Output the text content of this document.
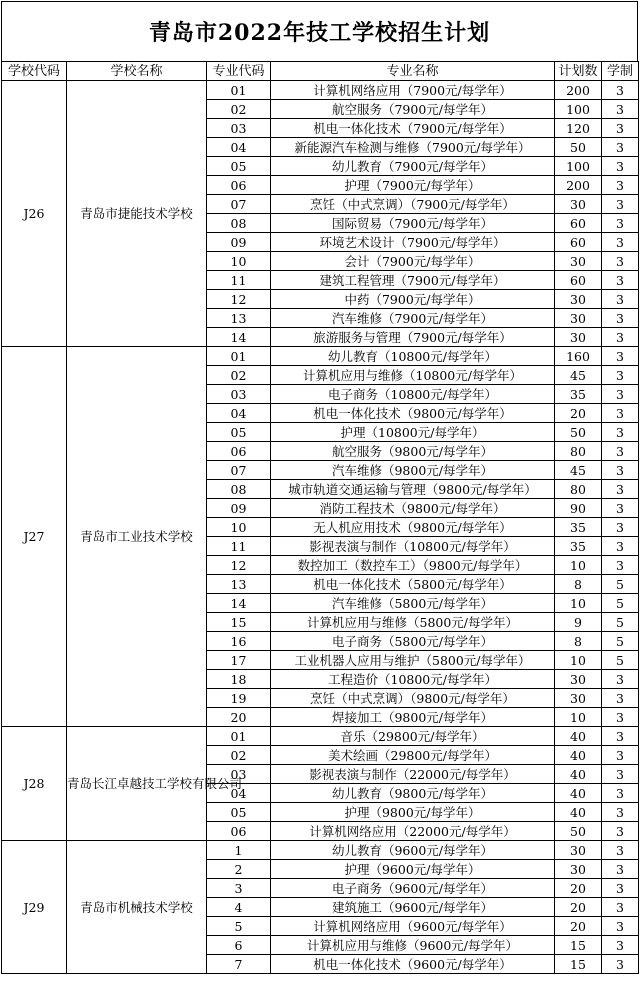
青岛市2022年技工学校招生计划
学校代码	学校名称	专业代码	专业名称	计划数	学制
J26	青岛市捷能技术学校	01	计算机网络应用（7900元/每学年）	200	3
		02	航空服务（7900元/每学年）	100	3
		03	机电一体化技术（7900元/每学年）	120	3
		04	新能源汽车检测与维修（7900元/每学年）	50	3
		05	幼儿教育（7900元/每学年）	100	3
		06	护理（7900元/每学年）	200	3
		07	烹饪（中式烹调）（7900元/每学年）	30	3
		08	国际贸易（7900元/每学年）	60	3
		09	环境艺术设计（7900元/每学年）	60	3
		10	会计（7900元/每学年）	30	3
		11	建筑工程管理（7900元/每学年）	60	3
		12	中药（7900元/每学年）	30	3
		13	汽车维修（7900元/每学年）	30	3
		14	旅游服务与管理（7900元/每学年）	30	3
J27	青岛市工业技术学校	01	幼儿教育（10800元/每学年）	160	3
		02	计算机应用与维修（10800元/每学年）	45	3
		03	电子商务（10800元/每学年）	35	3
		04	机电一体化技术（9800元/每学年）	20	3
		05	护理（10800元/每学年）	50	3
		06	航空服务（9800元/每学年）	80	3
		07	汽车维修（9800元/每学年）	45	3
		08	城市轨道交通运输与管理（9800元/每学年）	80	3
		09	消防工程技术（9800元/每学年）	90	3
		10	无人机应用技术（9800元/每学年）	35	3
		11	影视表演与制作（10800元/每学年）	35	3
		12	数控加工（数控车工）（9800元/每学年）	10	3
		13	机电一体化技术（5800元/每学年）	8	5
		14	汽车维修（5800元/每学年）	10	5
		15	计算机应用与维修（5800元/每学年）	9	5
		16	电子商务（5800元/每学年）	8	5
		17	工业机器人应用与维护（5800元/每学年）	10	5
		18	工程造价（10800元/每学年）	30	3
		19	烹饪（中式烹调）（9800元/每学年）	30	3
		20	焊接加工（9800元/每学年）	10	3
J28	青岛长江卓越技工学校有限公司	01	音乐（29800元/每学年）	40	3
		02	美术绘画（29800元/每学年）	40	3
		03	影视表演与制作（22000元/每学年）	40	3
		04	幼儿教育（9800元/每学年）	40	3
		05	护理（9800元/每学年）	40	3
		06	计算机网络应用（22000元/每学年）	50	3
J29	青岛市机械技术学校	1	幼儿教育（9600元/每学年）	30	3
		2	护理（9600元/每学年）	30	3
		3	电子商务（9600元/每学年）	20	3
		4	建筑施工（9600元/每学年）	20	3
		5	计算机网络应用（9600元/每学年）	20	3
		6	计算机应用与维修（9600元/每学年）	15	3
		7	机电一体化技术（9600元/每学年）	15	3
